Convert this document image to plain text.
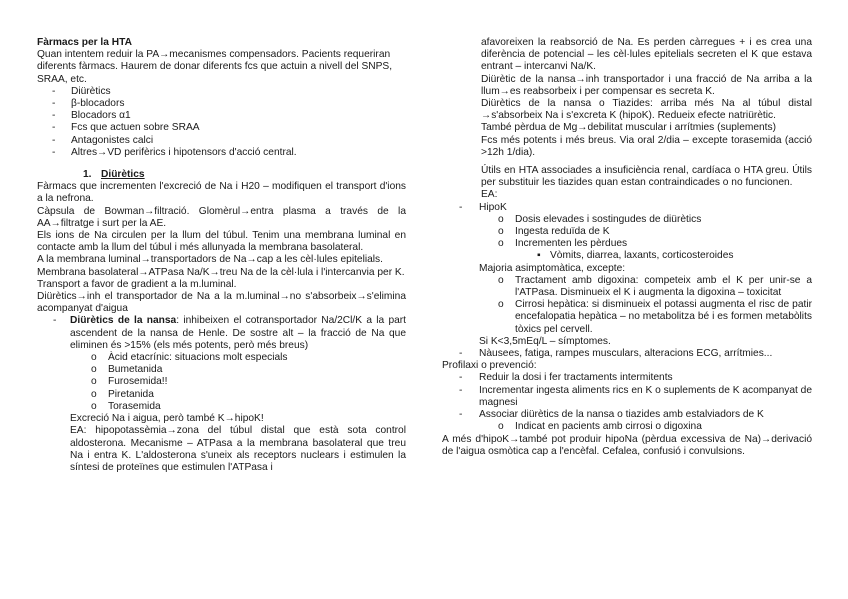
Fàrmacs per la HTA

Quan intentem reduir la PA→mecanismes compensadors. Pacients requeriran diferents fàrmacs. Haurem de donar diferents fcs que actuin a nivell del SNPS, SRAA, etc.

-	Diürètics
-	β-blocadors
-	Blocadors α1
-	Fcs que actuen sobre SRAA
-	Antagonistes calci
-	Altres→VD perifèrics i hipotensors d'acció central.
1. Diürètics

Fàrmacs que incrementen l'excreció de Na i H20 – modifiquen el transport d'ions a la nefrona.

Càpsula de Bowman→filtració. Glomèrul→entra plasma a través de la AA→filtratge i surt per la AE.

Els ions de Na circulen per la llum del túbul. Tenim una membrana luminal en contacte amb la llum del túbul i més allunyada la membrana basolateral.

A la membrana luminal→transportadors de Na→cap a les cèl·lules epitelials.

Membrana basolateral→ATPasa Na/K→treu Na de la cèl·lula i l'intercanvia per K.

Transport a favor de gradient a la m.luminal.

Diürètics→inh el transportador de Na a la m.luminal→no s'absorbeix→s'elimina acompanyat d'aigua

-	Diürètics de la nansa: inhibeixen el cotransportador Na/2Cl/K a la part ascendent de la nansa de Henle. De sostre alt – la fracció de Na que eliminen és >15% (els més potents, però més breus)

o	Àcid etacrínic: situacions molt especials
o	Bumetanida
o	Furosemida!!
o	Piretanida
o	Torasemida

Excreció Na i aigua, però també K→hipoK!

EA: hipopotassèmia→zona del túbul distal que està sota control aldosterona. Mecanisme – ATPasa a la membrana basolateral que treu Na i entra K. L'aldosterona s'uneix als receptors nuclears i estimulen la síntesi de proteïnes que estimulen l'ATPasa i

afavoreixen la reabsorció de Na. Es perden càrregues + i es crea una diferència de potencial – les cèl·lules epitelials secreten el K que estava entrant – intercanvi Na/K.

Diürètic de la nansa→inh transportador i una fracció de Na arriba a la llum→es reabsorbeix i per compensar es secreta K.

Diürètics de la nansa o Tiazides: arriba més Na al túbul distal →s'absorbeix Na i s'excreta K (hipoK). Redueix efecte natriürètic.

També pèrdua de Mg→debilitat muscular i arrítmies (suplements)

Fcs més potents i més breus. Via oral 2/dia – excepte torasemida (acció >12h 1/dia).

Útils en HTA associades a insuficiència renal, cardíaca o HTA greu. Útils per substituir les tiazides quan estan contraindicades o no funcionen.

EA:

-	HipoK
o	Dosis elevades i sostingudes de diürètics
o	Ingesta reduïda de K
o	Incrementen les pèrdues
▪ Vòmits, diarrea, laxants, corticosteroides

Majoria asimptomàtica, excepte:

o	Tractament amb digoxina: competeix amb el K per unir-se a l'ATPasa. Disminueix el K i augmenta la digoxina – toxicitat

o	Cirrosi hepàtica: si disminueix el potassi augmenta el risc de patir encefalopatia hepàtica – no metabolitza bé i es formen metabòlits tòxics pel cervell.

Si K<3,5mEq/L – símptomes.

-	Nàusees, fatiga, rampes musculars, alteracions ECG, arrítmies...

Profilaxi o prevenció:

-	Reduir la dosi i fer tractaments intermitents

-	Incrementar ingesta aliments rics en K o suplements de K acompanyat de magnesi

-	Associar diürètics de la nansa o tiazides amb estalviadors de K

o	Indicat en pacients amb cirrosi o digoxina

A més d'hipoK→també pot produir hipoNa (pèrdua excessiva de Na)→derivació de l'aigua osmòtica cap a l'encèfal. Cefalea, confusió i convulsions.
